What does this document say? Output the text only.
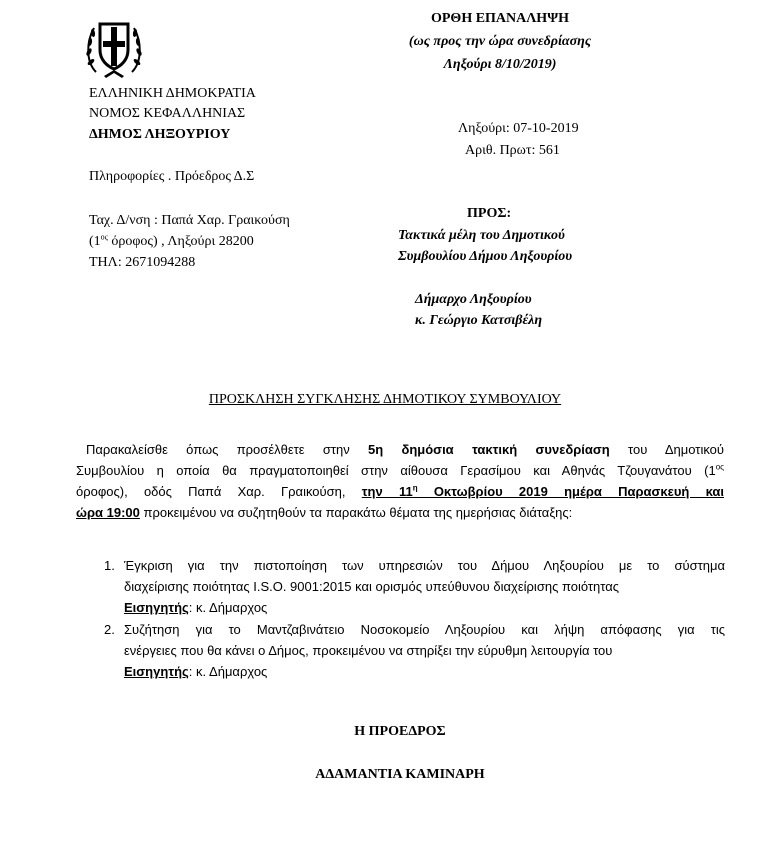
ΟΡΘΗ ΕΠΑΝΑΛΗΨΗ
(ως προς την ώρα συνεδρίασης
Ληξούρι 8/10/2019)
ΕΛΛΗΝΙΚΗ ΔΗΜΟΚΡΑΤΙΑ
ΝΟΜΟΣ ΚΕΦΑΛΛΗΝΙΑΣ
ΔΗΜΟΣ ΛΗΞΟΥΡΙΟΥ
Πληροφορίες . Πρόεδρος Δ.Σ
Ταχ. Δ/νση : Παπά Χαρ. Γραικούση
($1^{o\varsigma}$ όροφος) , Ληξούρι 28200
ΤΗΛ: 2671094288
Ληξούρι: 07-10-2019
Αριθ. Πρωτ: 561
ΠΡΟΣ:
Τακτικά μέλη του Δημοτικού
Συμβουλίου Δήμου Ληξουρίου
Δήμαρχο Ληξουρίου
κ. Γεώργιο Κατσιβέλη
ΠΡΟΣΚΛΗΣΗ ΣΥΓΚΛΗΣΗΣ ΔΗΜΟΤΙΚΟΥ ΣΥΜΒΟΥΛΙΟΥ
Παρακαλείσθε όπως προσέλθετε στην 5η δημόσια τακτική συνεδρίαση του Δημοτικού
Συμβουλίου η οποία θα πραγματοποιηθεί στην αίθουσα Γερασίμου και Αθηνάς Τζουγανάτου ($1^{o\varsigma}$
όροφος), οδός Παπά Χαρ. Γραικούση, την $11^\eta$ Οκτωβρίου 2019 ημέρα Παρασκευή και
ώρα 19:00 προκειμένου να συζητηθούν τα παρακάτω θέματα της ημερήσιας διάταξης:
1. Έγκριση για την πιστοποίηση των υπηρεσιών του Δήμου Ληξουρίου με το σύστημα
διαχείρισης ποιότητας I.S.O. 9001:2015 και ορισμός υπεύθυνου διαχείρισης ποιότητας
Εισηγητής: κ. Δήμαρχος
2. Συζήτηση για το Μαντζαβινάτειο Νοσοκομείο Ληξουρίου και λήψη απόφασης για τις
ενέργειες που θα κάνει ο Δήμος, προκειμένου να στηρίξει την εύρυθμη λειτουργία του
Εισηγητής: κ. Δήμαρχος
Η ΠΡΟΕΔΡΟΣ
ΑΔΑΜΑΝΤΙΑ ΚΑΜΙΝΑΡΗ
